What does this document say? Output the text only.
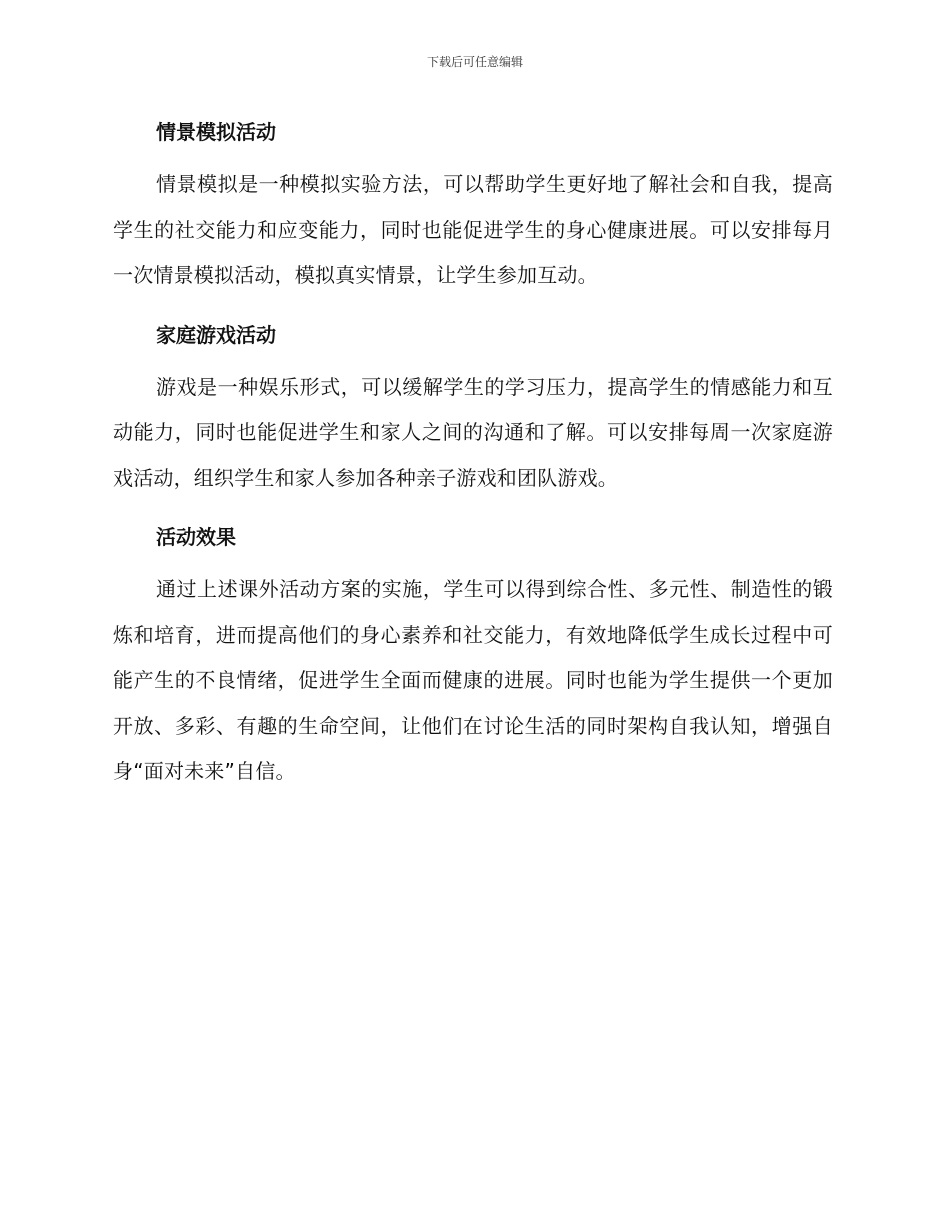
下载后可任意编辑
情景模拟活动

情景模拟是一种模拟实验方法，可以帮助学生更好地了解社会和自我，提高学生的社交能力和应变能力，同时也能促进学生的身心健康进展。可以安排每月一次情景模拟活动，模拟真实情景，让学生参加互动。

家庭游戏活动

游戏是一种娱乐形式，可以缓解学生的学习压力，提高学生的情感能力和互动能力，同时也能促进学生和家人之间的沟通和了解。可以安排每周一次家庭游戏活动，组织学生和家人参加各种亲子游戏和团队游戏。

活动效果

通过上述课外活动方案的实施，学生可以得到综合性、多元性、制造性的锻炼和培育，进而提高他们的身心素养和社交能力，有效地降低学生成长过程中可能产生的不良情绪，促进学生全面而健康的进展。同时也能为学生提供一个更加开放、多彩、有趣的生命空间，让他们在讨论生活的同时架构自我认知，增强自身“面对未来”自信。
